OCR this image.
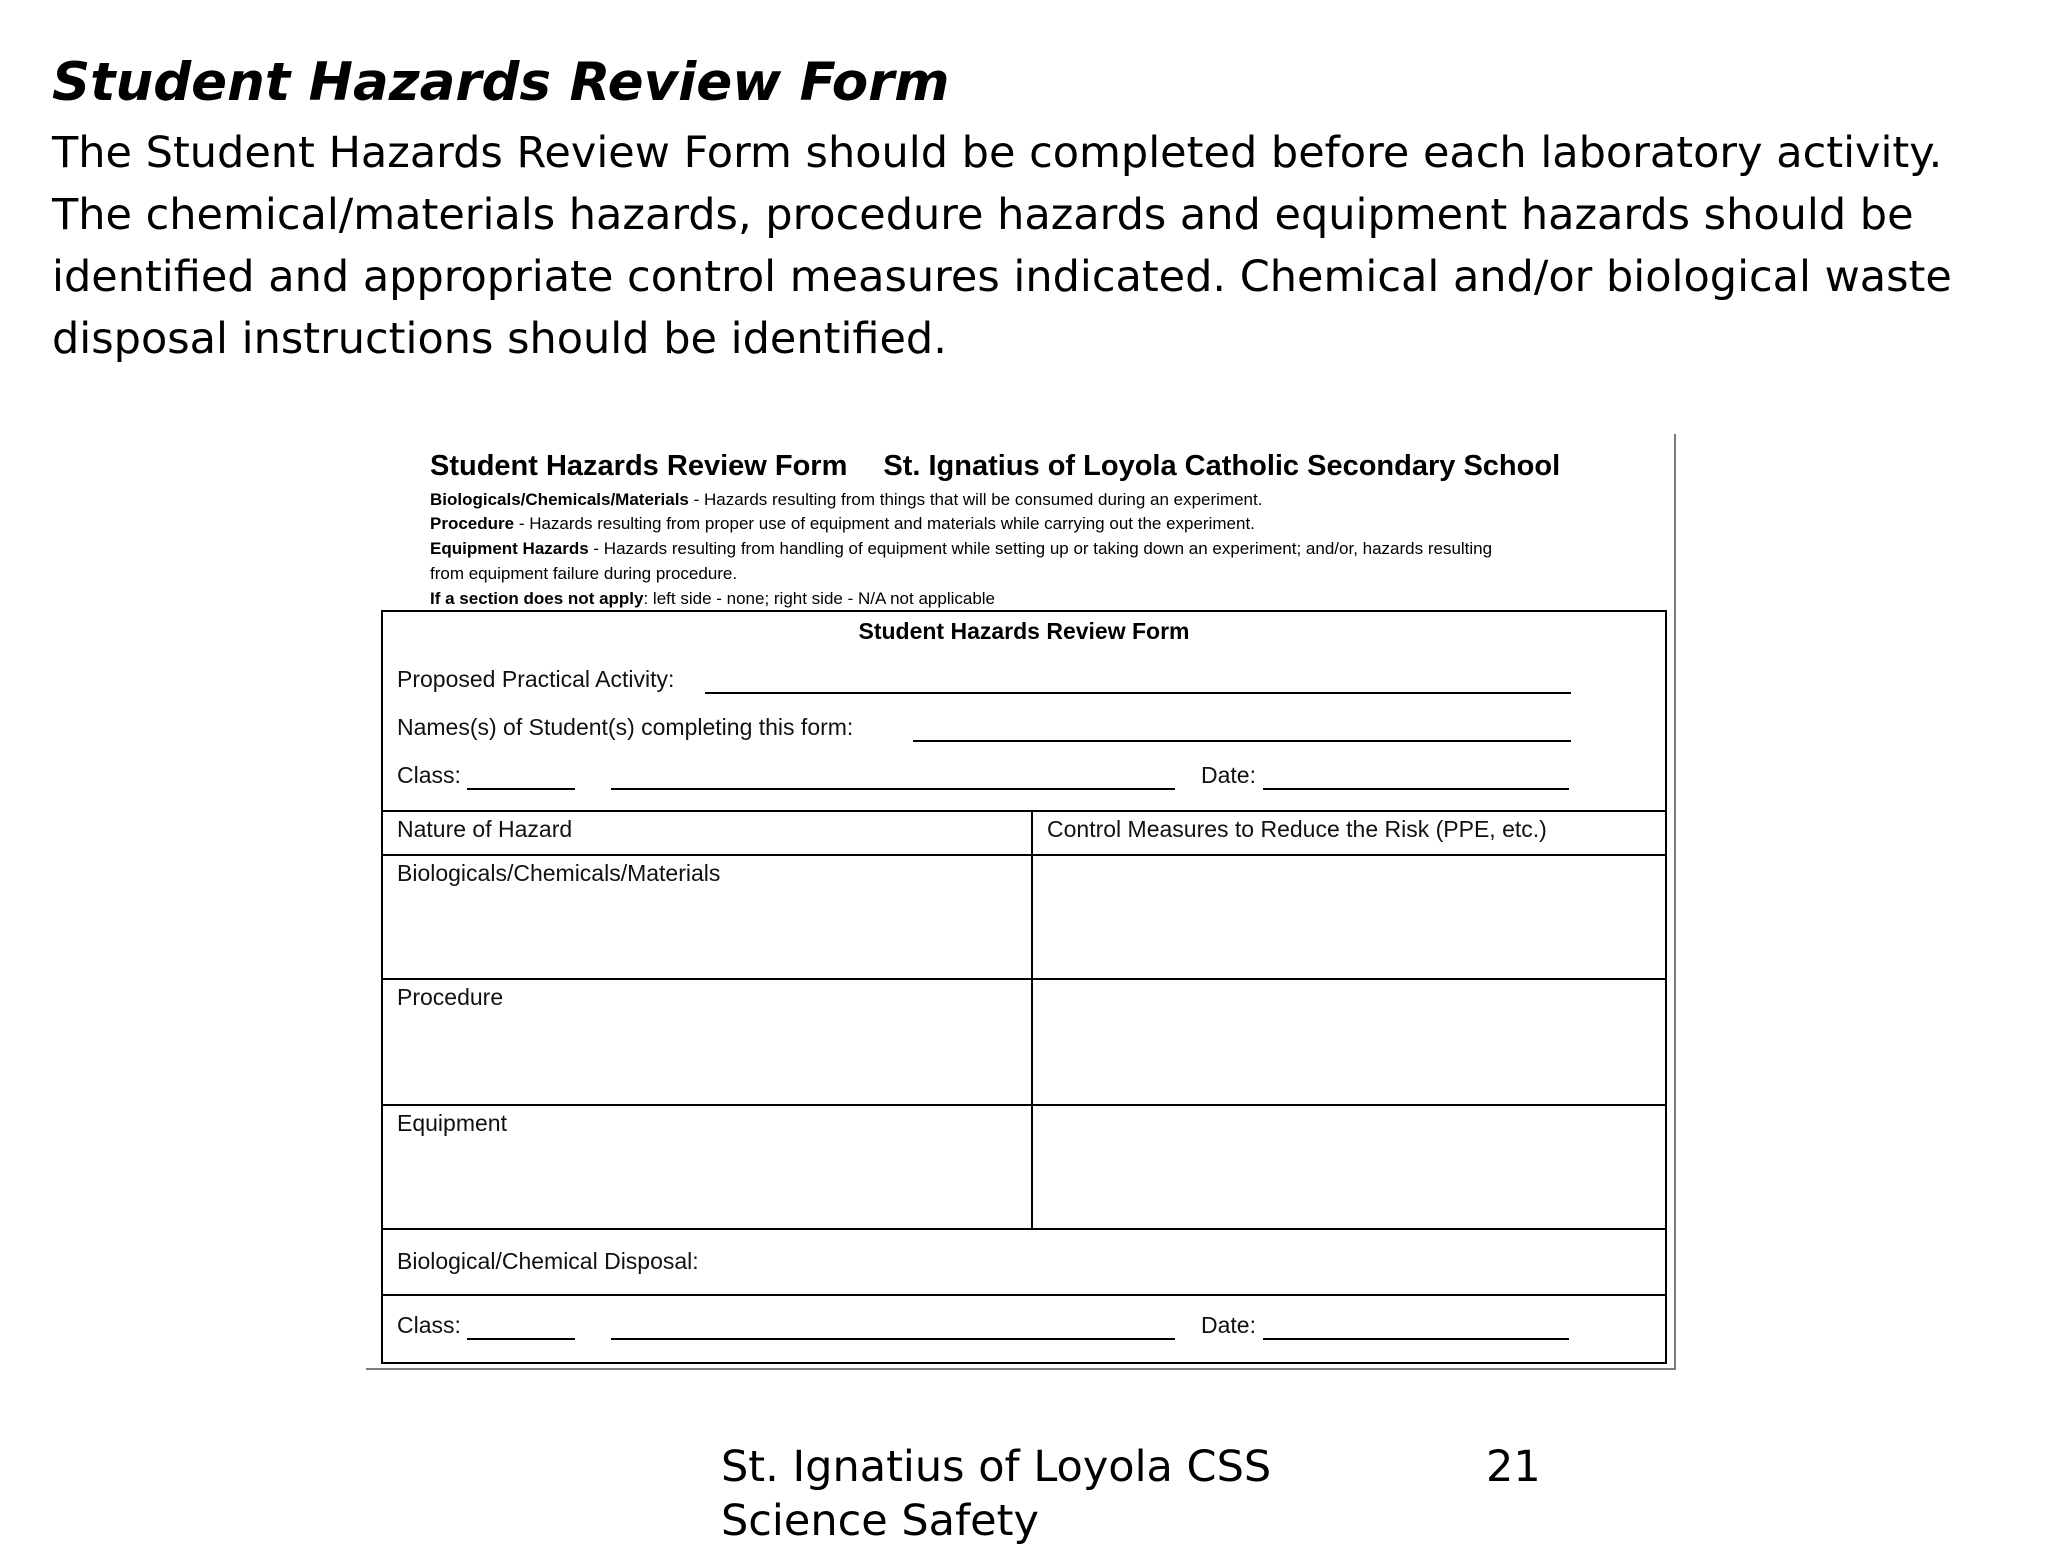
Student Hazards Review Form
The Student Hazards Review Form should be completed before each laboratory activity.
The chemical/materials hazards, procedure hazards and equipment hazards should be
identified and appropriate control measures indicated. Chemical and/or biological waste
disposal instructions should be identified.
Student Hazards Review Form St. Ignatius of Loyola Catholic Secondary School
Biologicals/Chemicals/Materials - Hazards resulting from things that will be consumed during an experiment.
Procedure - Hazards resulting from proper use of equipment and materials while carrying out the experiment.
Equipment Hazards - Hazards resulting from handling of equipment while setting up or taking down an experiment; and/or, hazards resulting
from equipment failure during procedure.
If a section does not apply: left side - none; right side - N/A not applicable
Student Hazards Review Form
Proposed Practical Activity:
Names(s) of Student(s) completing this form:
Class:	Date:
Nature of Hazard	Control Measures to Reduce the Risk (PPE, etc.)
Biologicals/Chemicals/Materials
Procedure
Equipment
Biological/Chemical Disposal:
Class:	Date:
St. Ignatius of Loyola CSS
Science Safety
21
